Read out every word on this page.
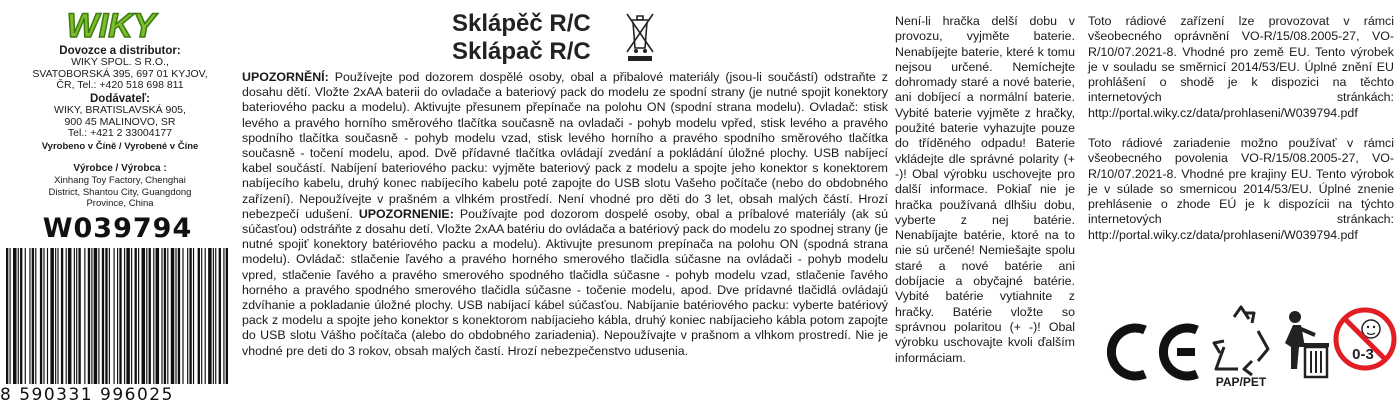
WIKY
Dovozce a distributor:
WIKY SPOL. S R.O.,
SVATOBORSKÁ 395, 697 01 KYJOV,
ČR, Tel.: +420 518 698 811
Dodávateľ:
WIKY, BRATISLAVSKÁ 905,
900 45 MALINOVO, SR
Tel.: +421 2 33004177
Vyrobeno v Číně / Vyrobené v Číne
Výrobce / Výrobca :
Xinhang Toy Factory, Chenghai
District, Shantou City, Guangdong
Province, China
W039794
8 590331 996025
Sklápěč R/C
Sklápač R/C
UPOZORNĚNÍ: Používejte pod dozorem dospělé osoby, obal a přibalové materiály (jsou-li součástí) odstraňte z dosahu dětí. Vložte 2xAA baterii do ovladače a bateriový pack do modelu ze spodní strany (je nutné spojit konektory bateriového packu a modelu). Aktivujte přesunem přepínače na polohu ON (spodní strana modelu). Ovladač: stisk levého a pravého horního směrového tlačítka současně na ovladači - pohyb modelu vpřed, stisk levého a pravého spodního tlačítka současně - pohyb modelu vzad, stisk levého horního a pravého spodního směrového tlačítka současně - točení modelu, apod. Dvě přídavné tlačítka ovládají zvedání a pokládání úložné plochy. USB nabíjecí kabel součástí. Nabíjení bateriového packu: vyjměte bateriový pack z modelu a spojte jeho konektor s konektorem nabíjecího kabelu, druhý konec nabíjecího kabelu poté zapojte do USB slotu Vašeho počítače (nebo do obdobného zařízení). Nepoužívejte v prašném a vlhkém prostředí. Není vhodné pro děti do 3 let, obsah malých částí. Hrozí nebezpečí udušení. UPOZORNENIE: Používajte pod dozorom dospelé osoby, obal a príbalové materiály (ak sú súčasťou) odstráňte z dosahu detí. Vložte 2xAA batériu do ovládača a batériový pack do modelu zo spodnej strany (je nutné spojiť konektory batériového packu a modelu). Aktivujte presunom prepínača na polohu ON (spodná strana modelu). Ovládač: stlačenie ľavého a pravého horného smerového tlačidla súčasne na ovládači - pohyb modelu vpred, stlačenie ľavého a pravého smerového spodného tlačidla súčasne - pohyb modelu vzad, stlačenie ľavého horného a pravého spodného smerového tlačidla súčasne - točenie modelu, apod. Dve prídavné tlačidlá ovládajú zdvíhanie a pokladanie úložné plochy. USB nabíjací kábel súčasťou. Nabíjanie batériového packu: vyberte batériový pack z modelu a spojte jeho konektor s konektorom nabíjacieho kábla, druhý koniec nabíjacieho kábla potom zapojte do USB slotu Vášho počítača (alebo do obdobného zariadenia). Nepoužívajte v prašnom a vlhkom prostredí. Nie je vhodné pre deti do 3 rokov, obsah malých častí. Hrozí nebezpečenstvo udusenia.
Není-li hračka delší dobu v provozu, vyjměte baterie. Nenabíjejte baterie, které k tomu nejsou určené. Nemíchejte dohromady staré a nové baterie, ani dobíjecí a normální baterie. Vybité baterie vyjměte z hračky, použité baterie vyhazujte pouze do tříděného odpadu! Baterie vkládejte dle správné polarity (+ -)! Obal výrobku uschovejte pro další informace. Pokiaľ nie je hračka používaná dlhšiu dobu, vyberte z nej batérie. Nenabíjajte batérie, ktoré na to nie sú určené! Nemiešajte spolu staré a nové batérie ani dobíjacie a obyčajné batérie. Vybité batérie vytiahnite z hračky. Batérie vložte so správnou polaritou (+ -)! Obal výrobku uschovajte kvoli ďalším informáciam.
Toto rádiové zařízení lze provozovat v rámci všeobecného oprávnění VO-R/15/08.2005-27, VO-R/10/07.2021-8. Vhodné pro země EU. Tento výrobek je v souladu se směrnicí 2014/53/EU. Úplné znění EU prohlášení o shodě je k dispozici na těchto internetových stránkách: http://portal.wiky.cz/data/prohlaseni/W039794.pdf
Toto rádiové zariadenie možno používať v rámci všeobecného povolenia VO-R/15/08.2005-27, VO-R/10/07.2021-8. Vhodné pre krajiny EU. Tento výrobok je v súlade so smernicou 2014/53/EU. Úplné znenie prehlásenie o zhode EÚ je k dispozícii na týchto internetových stránkach: http://portal.wiky.cz/data/prohlaseni/W039794.pdf
PAP/PET
0-3
